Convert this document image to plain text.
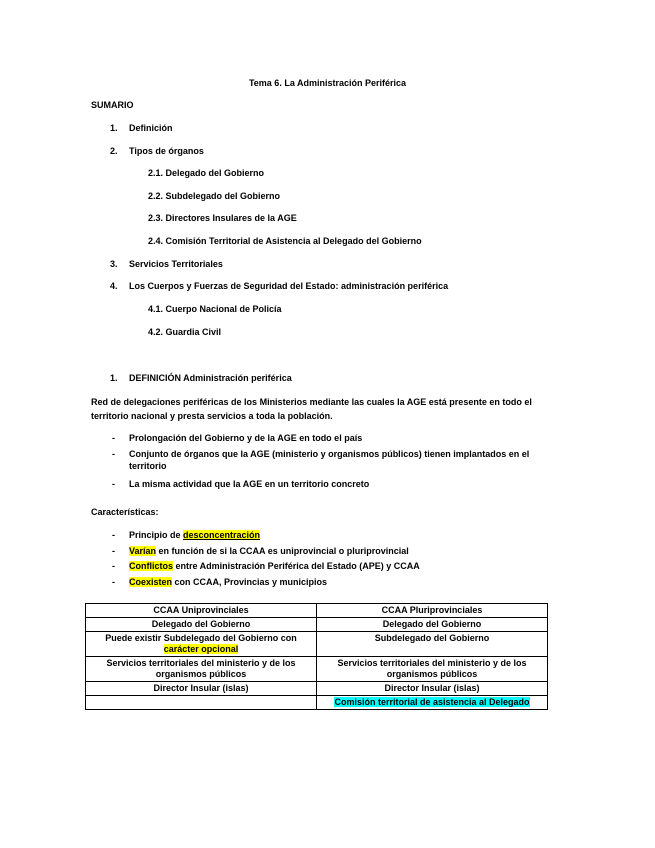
Tema 6. La Administración Periférica
SUMARIO
1. Definición
2. Tipos de órganos
2.1. Delegado del Gobierno
2.2. Subdelegado del Gobierno
2.3. Directores Insulares de la AGE
2.4. Comisión Territorial de Asistencia al Delegado del Gobierno
3. Servicios Territoriales
4. Los Cuerpos y Fuerzas de Seguridad del Estado: administración periférica
4.1. Cuerpo Nacional de Policía
4.2. Guardia Civil
1. DEFINICIÓN Administración periférica
Red de delegaciones periféricas de los Ministerios mediante las cuales la AGE está presente en todo el territorio nacional y presta servicios a toda la población.
- Prolongación del Gobierno y de la AGE en todo el país
- Conjunto de órganos que la AGE (ministerio y organismos públicos) tienen implantados en el territorio
- La misma actividad que la AGE en un territorio concreto
Características:
- Principio de desconcentración
- Varían en función de si la CCAA es uniprovincial o pluriprovincial
- Conflictos entre Administración Periférica del Estado (APE) y CCAA
- Coexisten con CCAA, Provincias y municipios
CCAA Uniprovinciales	CCAA Pluriprovinciales
Delegado del Gobierno	Delegado del Gobierno
Puede existir Subdelegado del Gobierno con
carácter opcional	Subdelegado del Gobierno
Servicios territoriales del ministerio y de los organismos públicos	Servicios territoriales del ministerio y de los organismos públicos
Director Insular (islas)	Director Insular (islas)
	Comisión territorial de asistencia al Delegado
